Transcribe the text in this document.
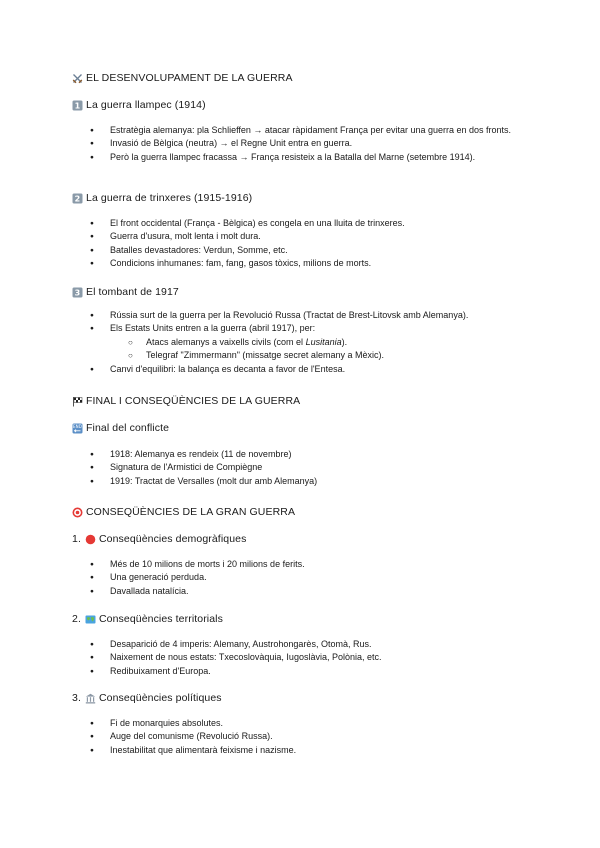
EL DESENVOLUPAMENT DE LA GUERRA
1 La guerra llampec (1914)
● Estratègia alemanya: pla Schlieffen → atacar ràpidament França per evitar una guerra en dos fronts.
● Invasió de Bèlgica (neutra) → el Regne Unit entra en guerra.
● Però la guerra llampec fracassa → França resisteix a la Batalla del Marne (setembre 1914).
2 La guerra de trinxeres (1915-1916)
● El front occidental (França - Bèlgica) es congela en una lluita de trinxeres.
● Guerra d'usura, molt lenta i molt dura.
● Batalles devastadores: Verdun, Somme, etc.
● Condicions inhumanes: fam, fang, gasos tòxics, milions de morts.
3 El tombant de 1917
● Rússia surt de la guerra per la Revolució Russa (Tractat de Brest-Litovsk amb Alemanya).
● Els Estats Units entren a la guerra (abril 1917), per:
○ Atacs alemanys a vaixells civils (com el Lusitania).
○ Telegraf "Zimmermann" (missatge secret alemany a Mèxic).
● Canvi d'equilibri: la balança es decanta a favor de l'Entesa.
FINAL I CONSEQÜÈNCIES DE LA GUERRA
END Final del conflicte
● 1918: Alemanya es rendeix (11 de novembre)
● Signatura de l'Armistici de Compiègne
● 1919: Tractat de Versalles (molt dur amb Alemanya)
CONSEQÜÈNCIES DE LA GRAN GUERRA
1. Conseqüències demogràfiques
● Més de 10 milions de morts i 20 milions de ferits.
● Una generació perduda.
● Davallada natalícia.
2. Conseqüències territorials
● Desaparició de 4 imperis: Alemany, Austrohongarès, Otomà, Rus.
● Naixement de nous estats: Txecoslovàquia, Iugoslàvia, Polònia, etc.
● Redibuixament d'Europa.
3. Conseqüències polítiques
● Fi de monarquies absolutes.
● Auge del comunisme (Revolució Russa).
● Inestabilitat que alimentarà feixisme i nazisme.
